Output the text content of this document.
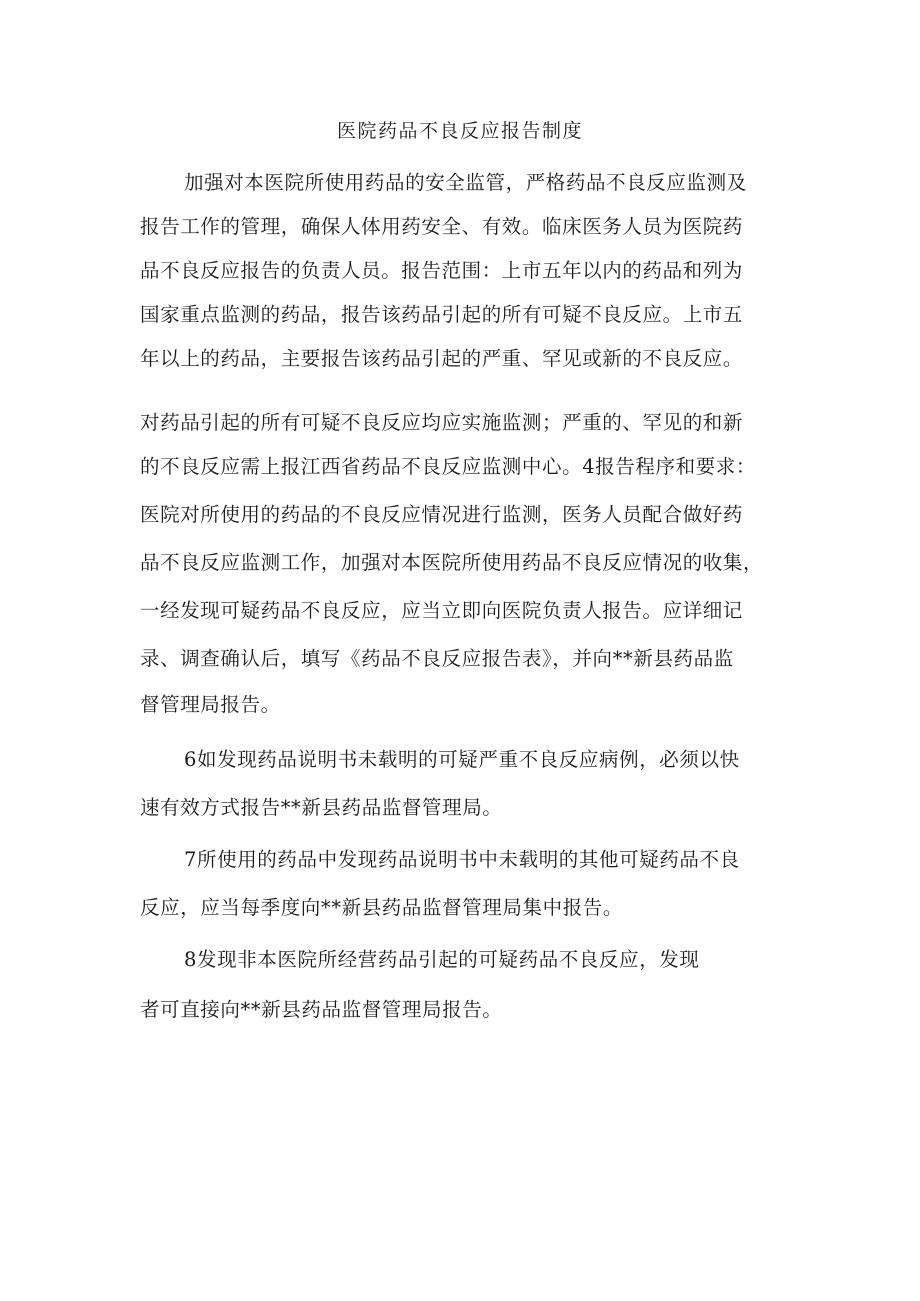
医院药品不良反应报告制度
加强对本医院所使用药品的安全监管，严格药品不良反应监测及
报告工作的管理，确保人体用药安全、有效。临床医务人员为医院药
品不良反应报告的负责人员。报告范围：上市五年以内的药品和列为
国家重点监测的药品，报告该药品引起的所有可疑不良反应。上市五
年以上的药品，主要报告该药品引起的严重、罕见或新的不良反应。
对药品引起的所有可疑不良反应均应实施监测；严重的、罕见的和新
的不良反应需上报江西省药品不良反应监测中心。4报告程序和要求：
医院对所使用的药品的不良反应情况进行监测，医务人员配合做好药
品不良反应监测工作，加强对本医院所使用药品不良反应情况的收集，
一经发现可疑药品不良反应，应当立即向医院负责人报告。应详细记
录、调查确认后，填写《药品不良反应报告表》，并向**新县药品监
督管理局报告。
6如发现药品说明书未载明的可疑严重不良反应病例，必须以快
速有效方式报告**新县药品监督管理局。
7所使用的药品中发现药品说明书中未载明的其他可疑药品不良
反应，应当每季度向**新县药品监督管理局集中报告。
8发现非本医院所经营药品引起的可疑药品不良反应，发现
者可直接向**新县药品监督管理局报告。
